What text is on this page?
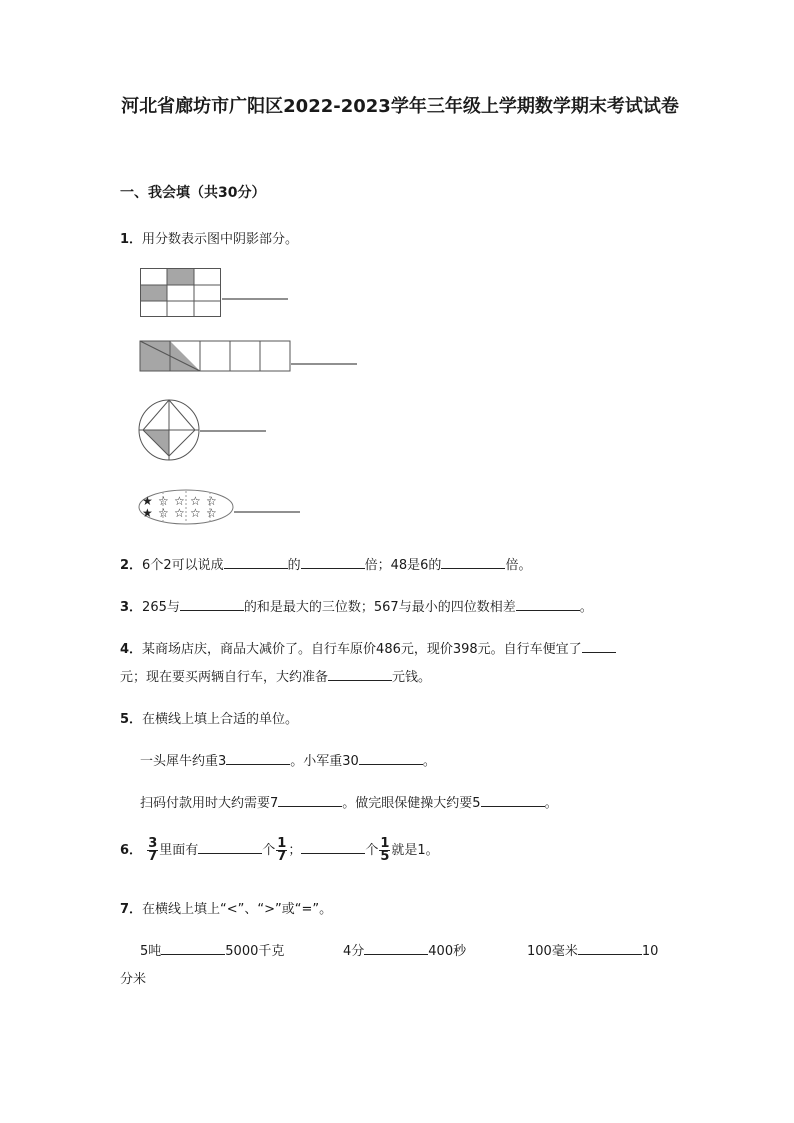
河北省廊坊市广阳区2022-2023学年三年级上学期数学期末考试试卷
一、我会填（共30分）
1．用分数表示图中阴影部分。
★
★
☆
☆
☆
☆
☆
☆
☆
☆
2．6个2可以说成	的	倍；48是6的	倍。
3．265与	的和是最大的三位数；567与最小的四位数相差	。
4．某商场店庆，商品大减价了。自行车原价486元，现价398元。自行车便宜了
元；现在要买两辆自行车，大约准备	元钱。
5．在横线上填上合适的单位。
一头犀牛约重3	。小军重30	。
扫码付款用时大约需要7	。做完眼保健操大约要5	。
6． $\frac{3}{7}$ 里面有	个 $\frac{1}{7}$ ；	个 $\frac{1}{5}$ 就是1。
7．在横线上填上“<”、“>”或“=”。
5吨	5000千克	4分	400秒	100毫米	10
分米
